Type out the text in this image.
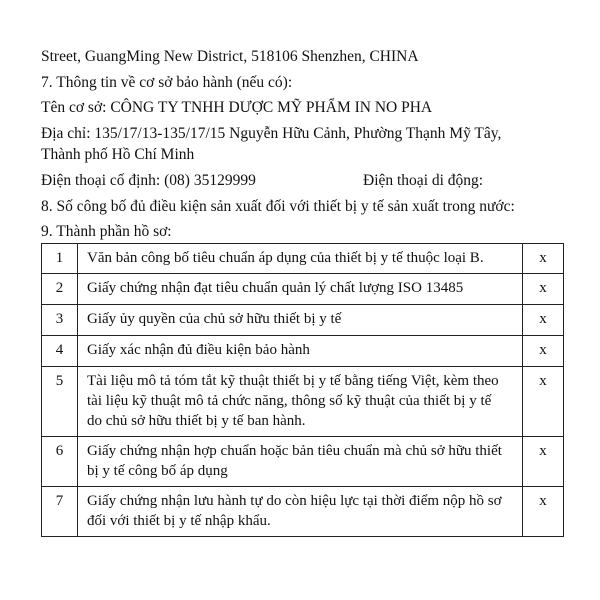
Street, GuangMing New District, 518106 Shenzhen, CHINA
7. Thông tin về cơ sở bảo hành (nếu có):
Tên cơ sở: CÔNG TY TNHH DƯỢC MỸ PHẨM IN NO PHA
Địa chỉ: 135/17/13-135/17/15 Nguyễn Hữu Cảnh, Phường Thạnh Mỹ Tây,
Thành phố Hồ Chí Minh
Điện thoại cố định: (08) 35129999	Điện thoại di động:
8. Số công bố đủ điều kiện sản xuất đối với thiết bị y tế sản xuất trong nước:
9. Thành phần hồ sơ:
1	Văn bản công bố tiêu chuẩn áp dụng của thiết bị y tế thuộc loại B.	x
2	Giấy chứng nhận đạt tiêu chuẩn quản lý chất lượng ISO 13485	x
3	Giấy ủy quyền của chủ sở hữu thiết bị y tế	x
4	Giấy xác nhận đủ điều kiện bảo hành	x
5	Tài liệu mô tả tóm tắt kỹ thuật thiết bị y tế bằng tiếng Việt, kèm theo
tài liệu kỹ thuật mô tả chức năng, thông số kỹ thuật của thiết bị y tế
do chủ sở hữu thiết bị y tế ban hành.	x
6	Giấy chứng nhận hợp chuẩn hoặc bản tiêu chuẩn mà chủ sở hữu thiết
bị y tế công bố áp dụng	x
7	Giấy chứng nhận lưu hành tự do còn hiệu lực tại thời điểm nộp hồ sơ
đối với thiết bị y tế nhập khẩu.	x
